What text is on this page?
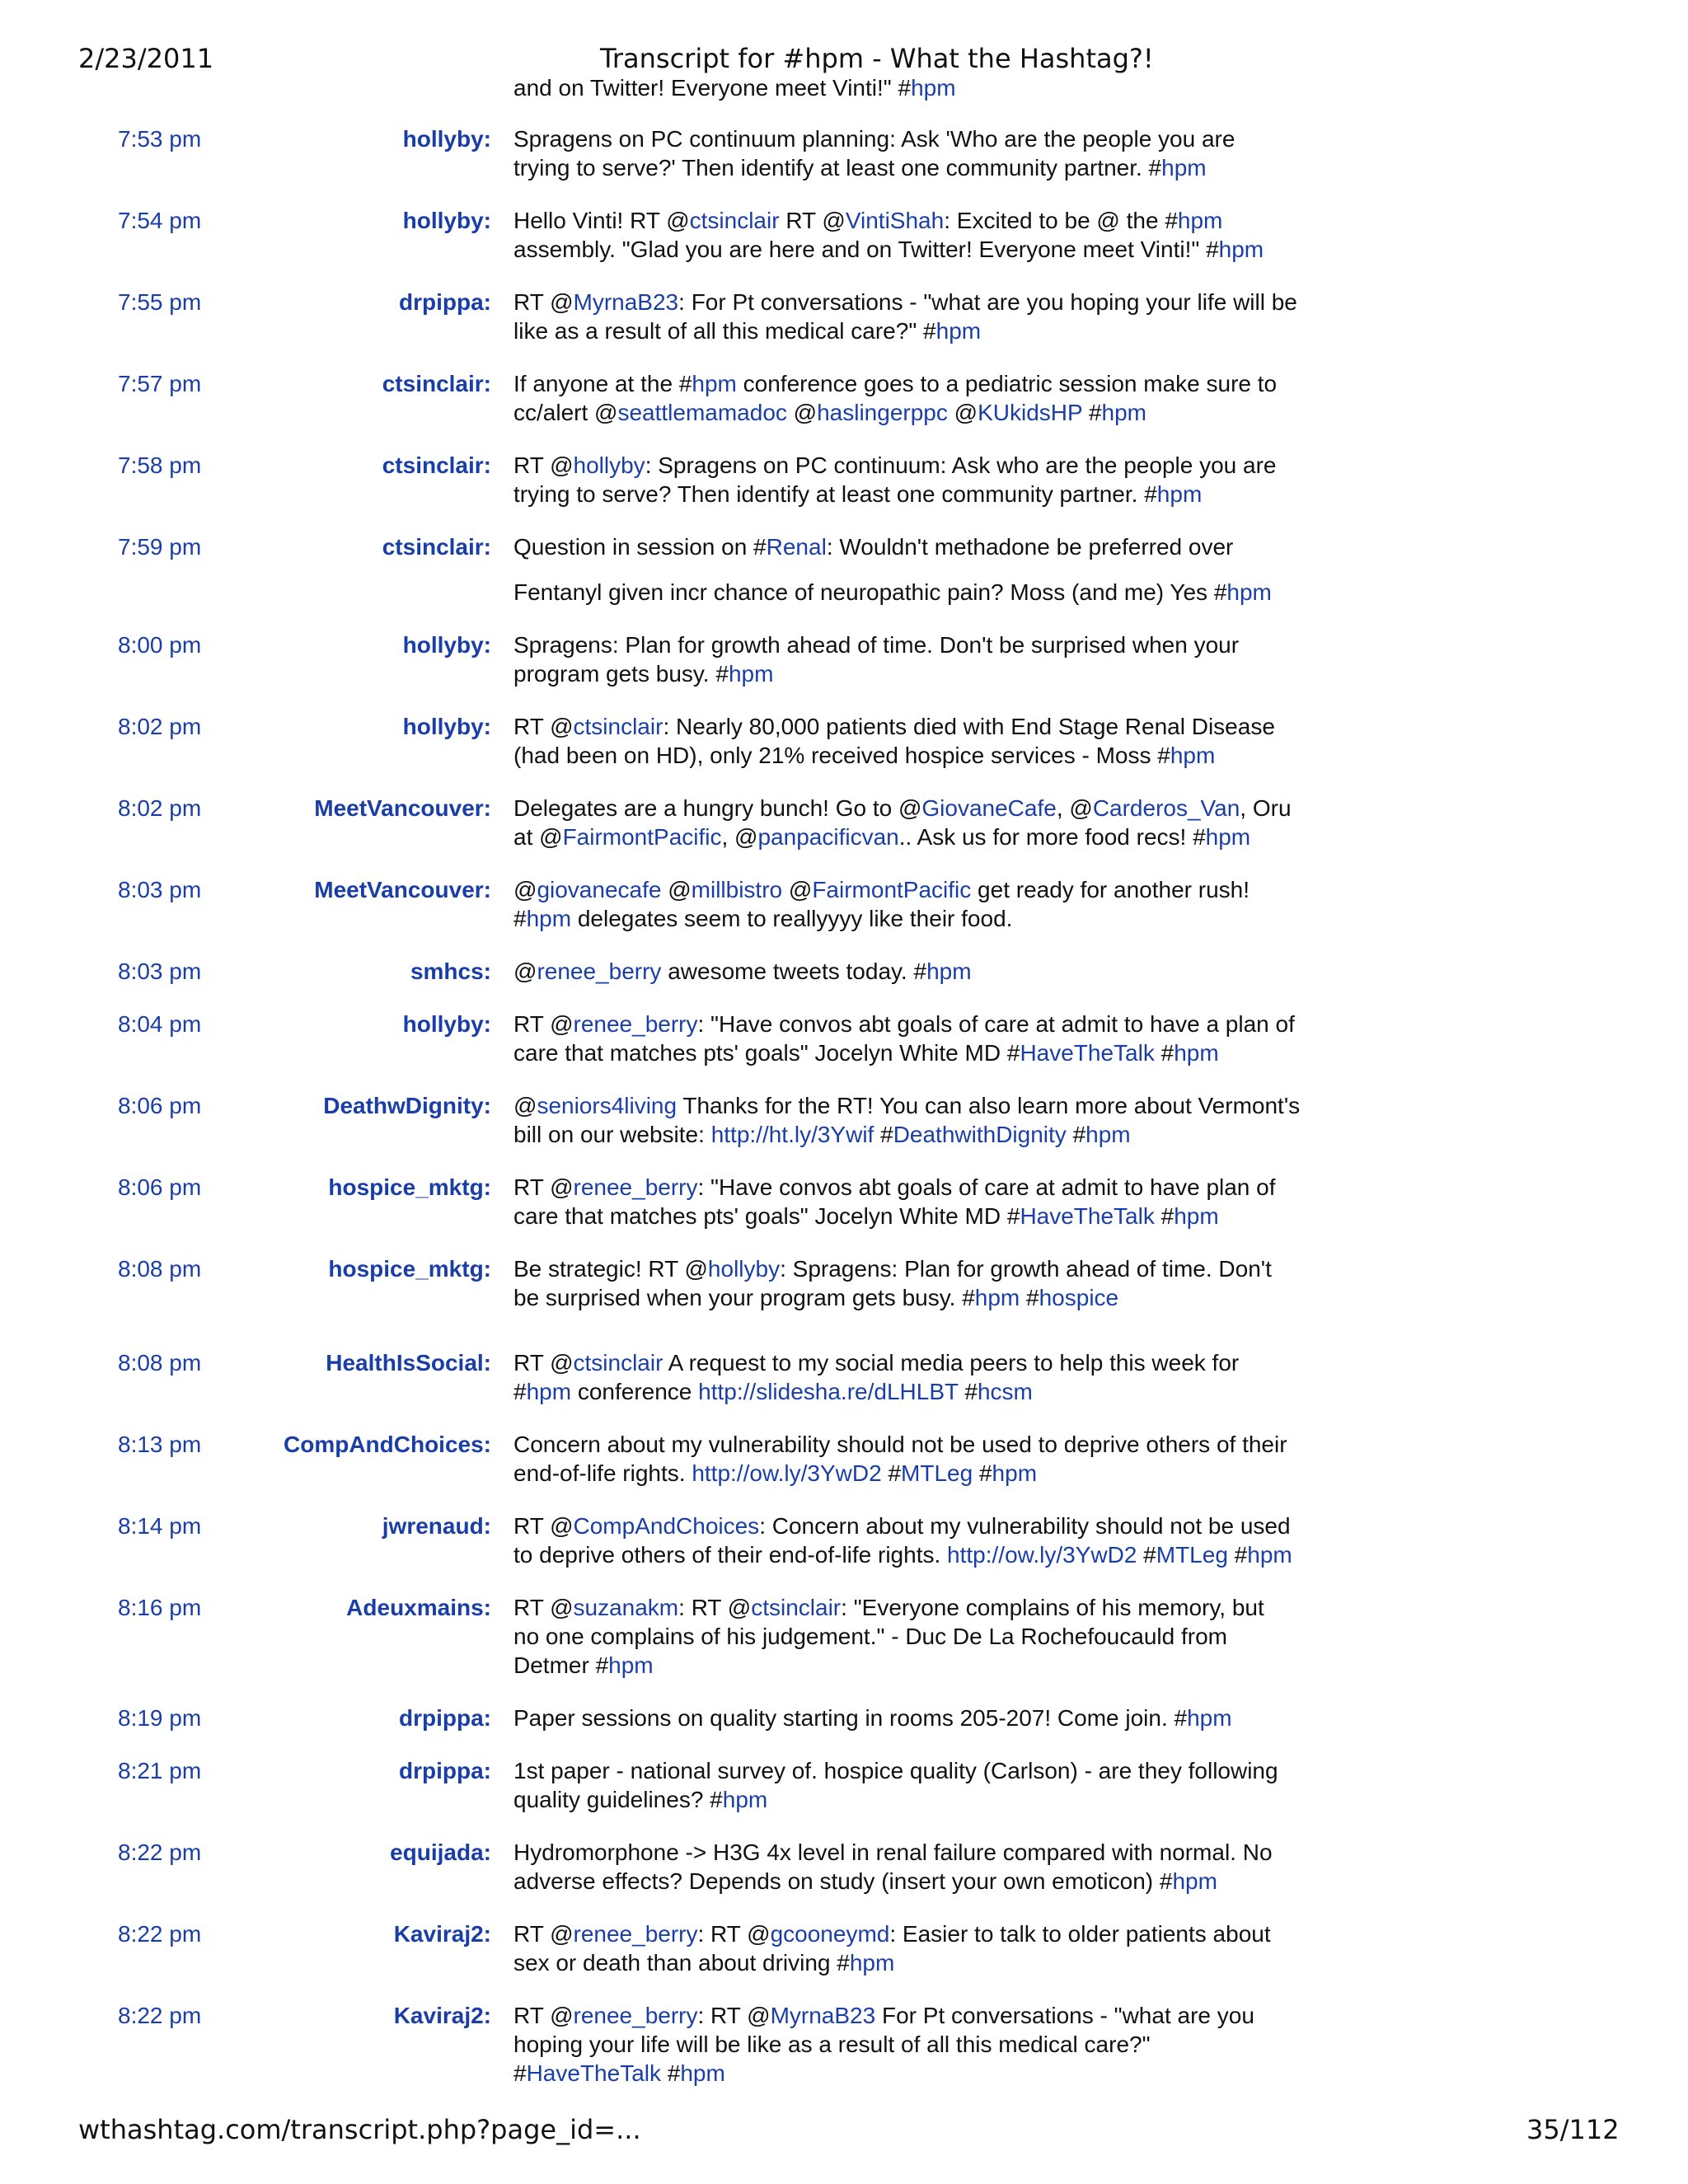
2/23/2011	Transcript for #hpm - What the Hashtag?!
and on Twitter! Everyone meet Vinti!" #hpm
7:53 pm	hollyby: Spragens on PC continuum planning: Ask 'Who are the people you are
trying to serve?' Then identify at least one community partner. #hpm
7:54 pm	hollyby: Hello Vinti! RT @ctsinclair RT @VintiShah: Excited to be @ the #hpm
assembly. "Glad you are here and on Twitter! Everyone meet Vinti!" #hpm
7:55 pm	drpippa: RT @MyrnaB23: For Pt conversations - "what are you hoping your life will be
like as a result of all this medical care?" #hpm
7:57 pm	ctsinclair: If anyone at the #hpm conference goes to a pediatric session make sure to
cc/alert @seattlemamadoc @haslingerppc @KUkidsHP #hpm
7:58 pm	ctsinclair: RT @hollyby: Spragens on PC continuum: Ask who are the people you are
trying to serve? Then identify at least one community partner. #hpm
7:59 pm	ctsinclair: Question in session on #Renal: Wouldn't methadone be preferred over
Fentanyl given incr chance of neuropathic pain? Moss (and me) Yes #hpm
8:00 pm	hollyby: Spragens: Plan for growth ahead of time. Don't be surprised when your
program gets busy. #hpm
8:02 pm	hollyby: RT @ctsinclair: Nearly 80,000 patients died with End Stage Renal Disease
(had been on HD), only 21% received hospice services - Moss #hpm
8:02 pm	MeetVancouver: Delegates are a hungry bunch! Go to @GiovaneCafe, @Carderos_Van, Oru
at @FairmontPacific, @panpacificvan.. Ask us for more food recs! #hpm
8:03 pm	MeetVancouver: @giovanecafe @millbistro @FairmontPacific get ready for another rush!
#hpm delegates seem to reallyyyy like their food.
8:03 pm	smhcs: @renee_berry awesome tweets today. #hpm
8:04 pm	hollyby: RT @renee_berry: "Have convos abt goals of care at admit to have a plan of
care that matches pts' goals" Jocelyn White MD #HaveTheTalk #hpm
8:06 pm	DeathwDignity: @seniors4living Thanks for the RT! You can also learn more about Vermont's
bill on our website: http://ht.ly/3Ywif #DeathwithDignity #hpm
8:06 pm	hospice_mktg: RT @renee_berry: "Have convos abt goals of care at admit to have plan of
care that matches pts' goals" Jocelyn White MD #HaveTheTalk #hpm
8:08 pm	hospice_mktg: Be strategic! RT @hollyby: Spragens: Plan for growth ahead of time. Don't
be surprised when your program gets busy. #hpm #hospice
8:08 pm	HealthIsSocial: RT @ctsinclair A request to my social media peers to help this week for
#hpm conference http://slidesha.re/dLHLBT #hcsm
8:13 pm	CompAndChoices: Concern about my vulnerability should not be used to deprive others of their
end-of-life rights. http://ow.ly/3YwD2 #MTLeg #hpm
8:14 pm	jwrenaud: RT @CompAndChoices: Concern about my vulnerability should not be used
to deprive others of their end-of-life rights. http://ow.ly/3YwD2 #MTLeg #hpm
8:16 pm	Adeuxmains: RT @suzanakm: RT @ctsinclair: "Everyone complains of his memory, but
no one complains of his judgement." - Duc De La Rochefoucauld from
Detmer #hpm
8:19 pm	drpippa: Paper sessions on quality starting in rooms 205-207! Come join. #hpm
8:21 pm	drpippa: 1st paper - national survey of. hospice quality (Carlson) - are they following
quality guidelines? #hpm
8:22 pm	equijada: Hydromorphone -> H3G 4x level in renal failure compared with normal. No
adverse effects? Depends on study (insert your own emoticon) #hpm
8:22 pm	Kaviraj2: RT @renee_berry: RT @gcooneymd: Easier to talk to older patients about
sex or death than about driving #hpm
8:22 pm	Kaviraj2: RT @renee_berry: RT @MyrnaB23 For Pt conversations - "what are you
hoping your life will be like as a result of all this medical care?"
#HaveTheTalk #hpm
wthashtag.com/transcript.php?page_id=...	35/112
